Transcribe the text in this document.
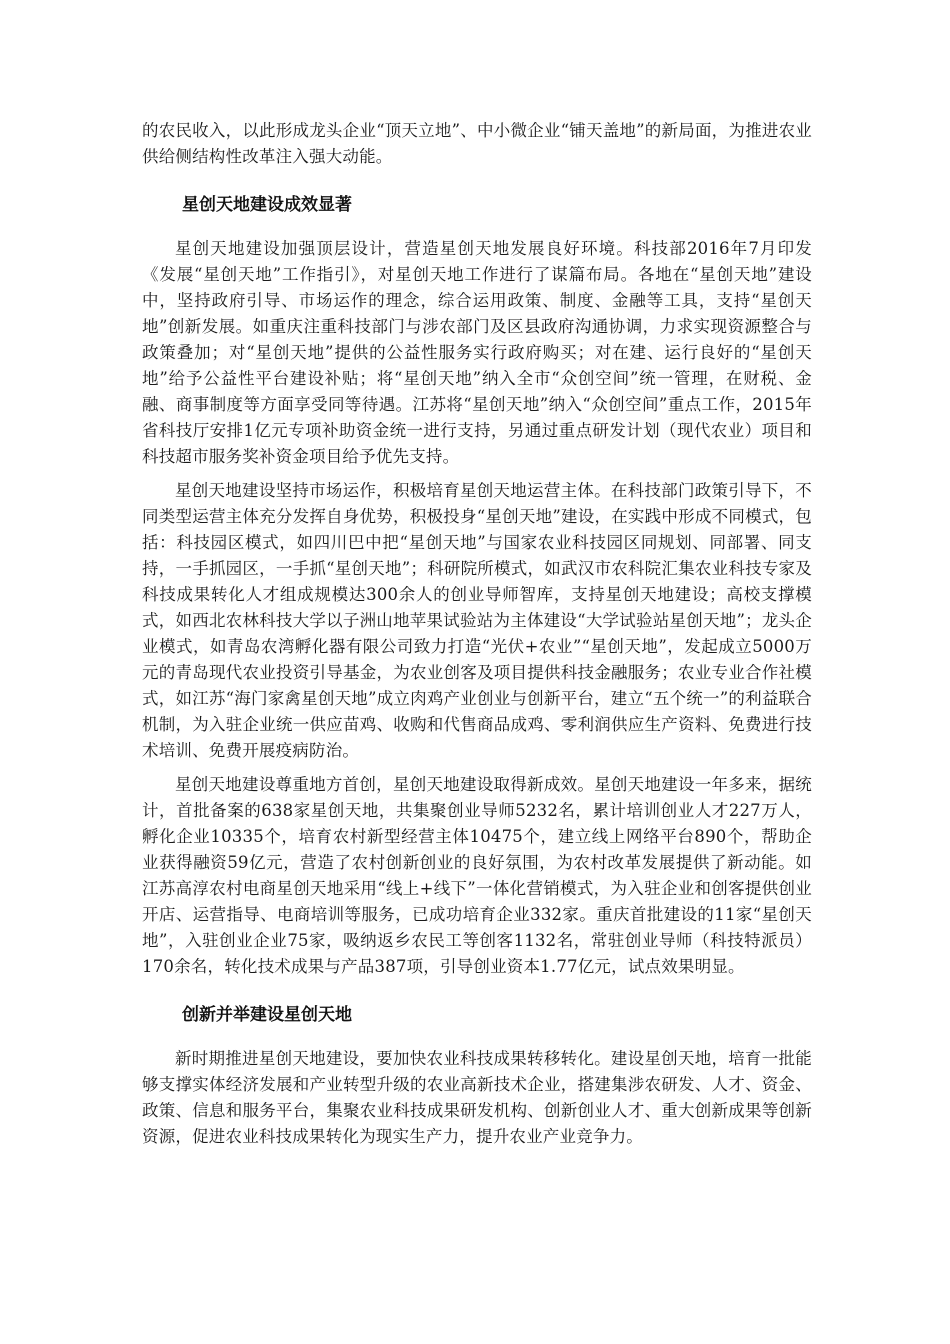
的农民收入，以此形成龙头企业“顶天立地”、中小微企业“铺天盖地”的新局面，为推进农业供给侧结构性改革注入强大动能。

星创天地建设成效显著

星创天地建设加强顶层设计，营造星创天地发展良好环境。科技部2016年7月印发《发展“星创天地”工作指引》，对星创天地工作进行了谋篇布局。各地在“星创天地”建设中，坚持政府引导、市场运作的理念，综合运用政策、制度、金融等工具，支持“星创天地”创新发展。如重庆注重科技部门与涉农部门及区县政府沟通协调，力求实现资源整合与政策叠加；对“星创天地”提供的公益性服务实行政府购买；对在建、运行良好的“星创天地”给予公益性平台建设补贴；将“星创天地”纳入全市“众创空间”统一管理，在财税、金融、商事制度等方面享受同等待遇。江苏将“星创天地”纳入“众创空间”重点工作，2015年省科技厅安排1亿元专项补助资金统一进行支持，另通过重点研发计划（现代农业）项目和科技超市服务奖补资金项目给予优先支持。

星创天地建设坚持市场运作，积极培育星创天地运营主体。在科技部门政策引导下，不同类型运营主体充分发挥自身优势，积极投身“星创天地”建设，在实践中形成不同模式，包括：科技园区模式，如四川巴中把“星创天地”与国家农业科技园区同规划、同部署、同支持，一手抓园区，一手抓“星创天地”；科研院所模式，如武汉市农科院汇集农业科技专家及科技成果转化人才组成规模达300余人的创业导师智库，支持星创天地建设；高校支撑模式，如西北农林科技大学以子洲山地苹果试验站为主体建设“大学试验站星创天地”；龙头企业模式，如青岛农湾孵化器有限公司致力打造“光伏+农业”“星创天地”，发起成立5000万元的青岛现代农业投资引导基金，为农业创客及项目提供科技金融服务；农业专业合作社模式，如江苏“海门家禽星创天地”成立肉鸡产业创业与创新平台，建立“五个统一”的利益联合机制，为入驻企业统一供应苗鸡、收购和代售商品成鸡、零利润供应生产资料、免费进行技术培训、免费开展疫病防治。

星创天地建设尊重地方首创，星创天地建设取得新成效。星创天地建设一年多来，据统计，首批备案的638家星创天地，共集聚创业导师5232名，累计培训创业人才227万人，孵化企业10335个，培育农村新型经营主体10475个，建立线上网络平台890个，帮助企业获得融资59亿元，营造了农村创新创业的良好氛围，为农村改革发展提供了新动能。如江苏高淳农村电商星创天地采用“线上+线下”一体化营销模式，为入驻企业和创客提供创业开店、运营指导、电商培训等服务，已成功培育企业332家。重庆首批建设的11家“星创天地”，入驻创业企业75家，吸纳返乡农民工等创客1132名，常驻创业导师（科技特派员）170余名，转化技术成果与产品387项，引导创业资本1.77亿元，试点效果明显。

创新并举建设星创天地

新时期推进星创天地建设，要加快农业科技成果转移转化。建设星创天地，培育一批能够支撑实体经济发展和产业转型升级的农业高新技术企业，搭建集涉农研发、人才、资金、政策、信息和服务平台，集聚农业科技成果研发机构、创新创业人才、重大创新成果等创新资源，促进农业科技成果转化为现实生产力，提升农业产业竞争力。
